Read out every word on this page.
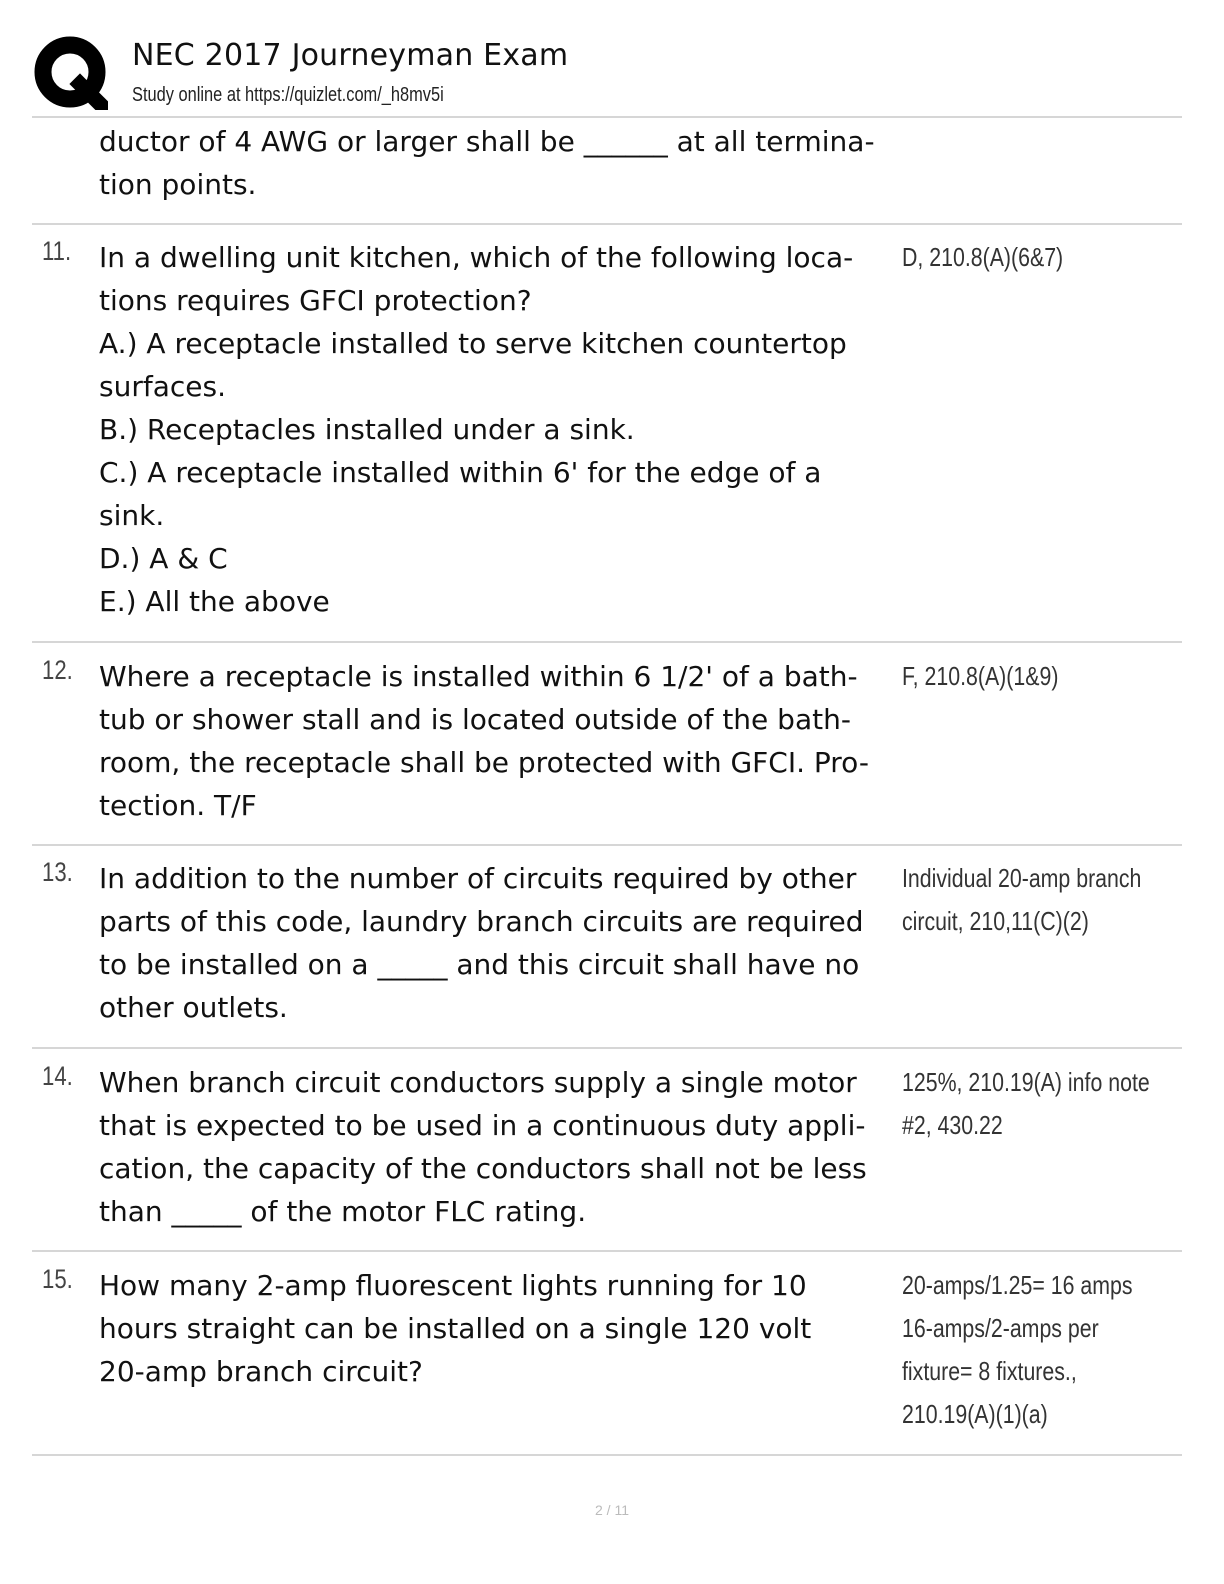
NEC 2017 Journeyman Exam
Study online at https://quizlet.com/_h8mv5i
ductor of 4 AWG or larger shall be ______ at all termina-
tion points.
11. In a dwelling unit kitchen, which of the following loca-
tions requires GFCI protection?
A.) A receptacle installed to serve kitchen countertop
surfaces.
B.) Receptacles installed under a sink.
C.) A receptacle installed within 6' for the edge of a
sink.
D.) A & C
E.) All the above
D, 210.8(A)(6&7)
12. Where a receptacle is installed within 6 1/2' of a bath-
tub or shower stall and is located outside of the bath-
room, the receptacle shall be protected with GFCI. Pro-
tection. T/F
F, 210.8(A)(1&9)
13. In addition to the number of circuits required by other
parts of this code, laundry branch circuits are required
to be installed on a _____ and this circuit shall have no
other outlets.
Individual 20-amp branch
circuit, 210,11(C)(2)
14. When branch circuit conductors supply a single motor
that is expected to be used in a continuous duty appli-
cation, the capacity of the conductors shall not be less
than _____ of the motor FLC rating.
125%, 210.19(A) info note
#2, 430.22
15. How many 2-amp fluorescent lights running for 10
hours straight can be installed on a single 120 volt
20-amp branch circuit?
20-amps/1.25= 16 amps
16-amps/2-amps per
fixture= 8 fixtures.,
210.19(A)(1)(a)
2 / 11
